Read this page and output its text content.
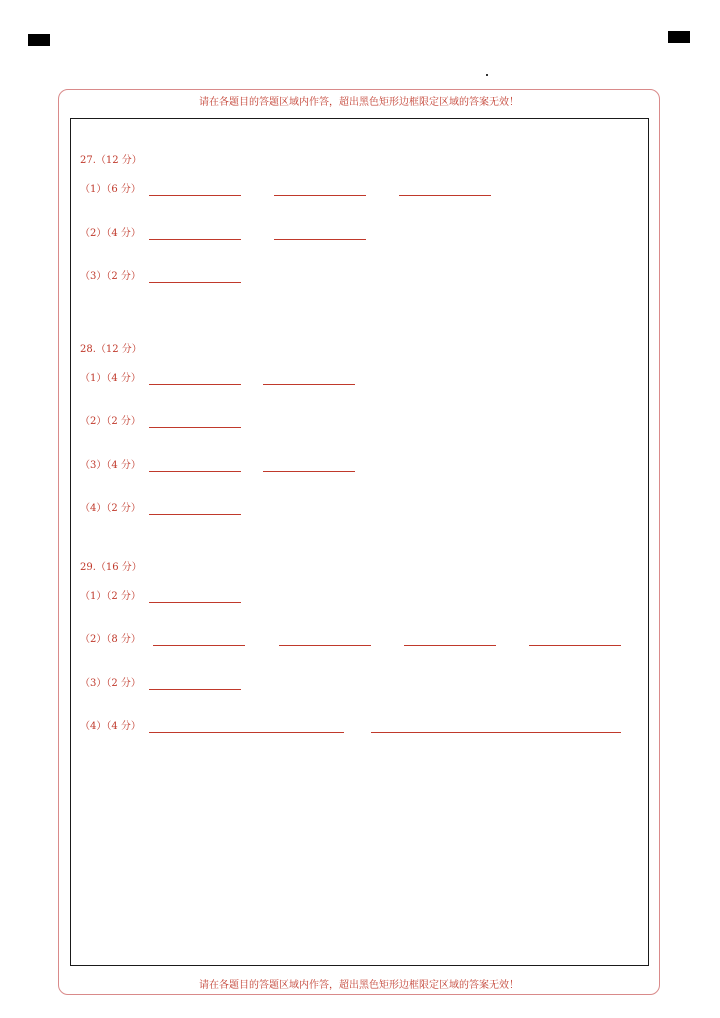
请在各题目的答题区域内作答，超出黑色矩形边框限定区域的答案无效！
请在各题目的答题区域内作答，超出黑色矩形边框限定区域的答案无效！
27.（12 分）
（1）（6 分）
（2）（4 分）
（3）（2 分）
28.（12 分）
（1）（4 分）
（2）（2 分）
（3）（4 分）
（4）（2 分）
29.（16 分）
（1）（2 分）
（2）（8 分）
（3）（2 分）
（4）（4 分）
